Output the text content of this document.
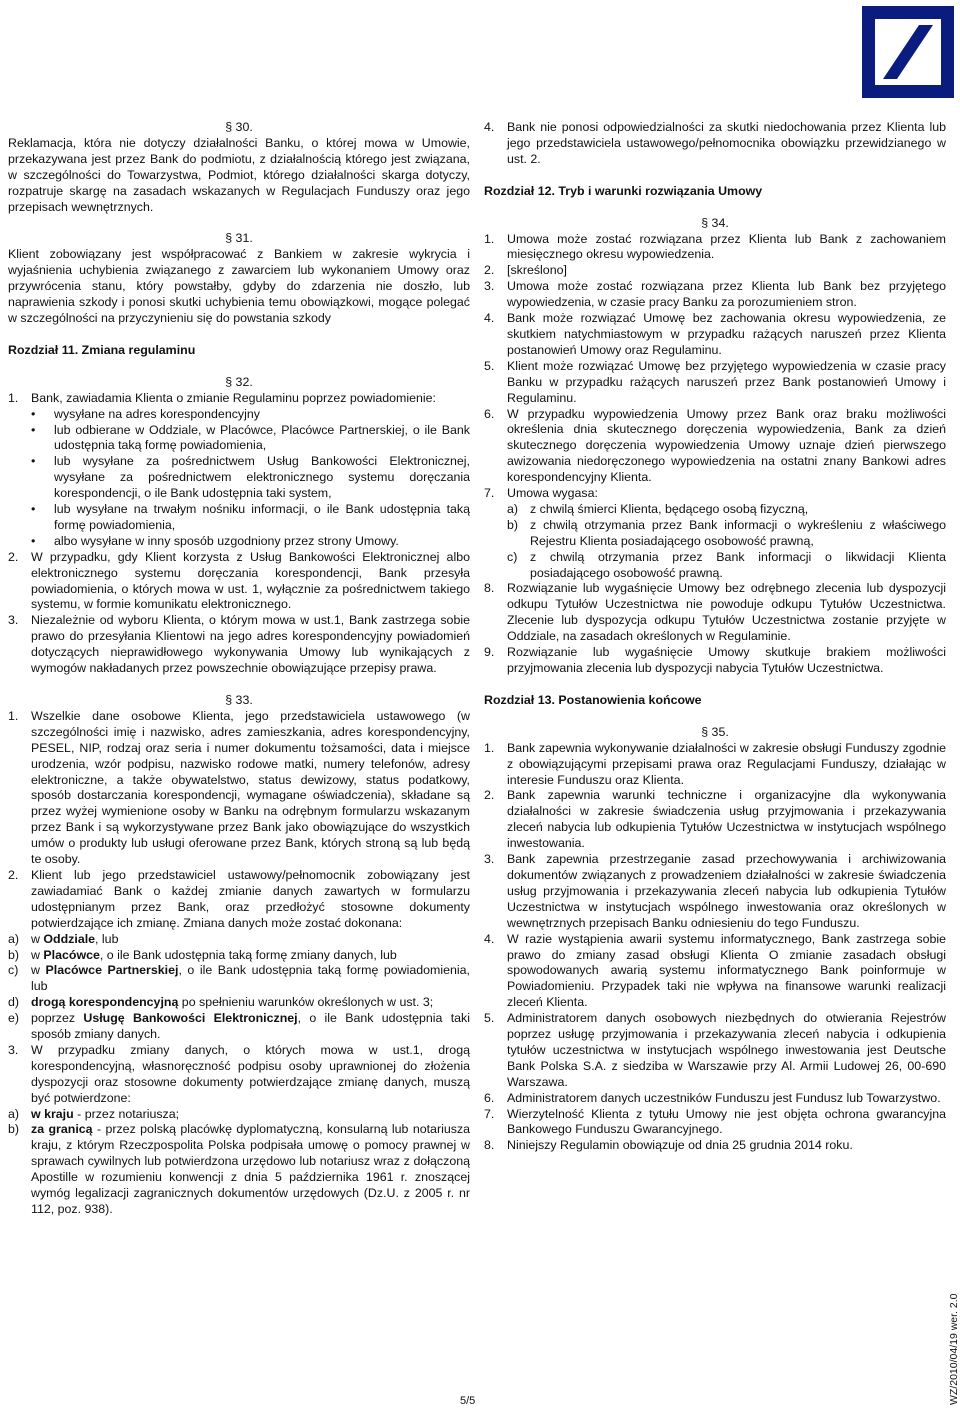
§ 30.

Reklamacja, która nie dotyczy działalności Banku, o której mowa w Umowie, przekazywana jest przez Bank do podmiotu, z działalnością którego jest związana, w szczególności do Towarzystwa, Podmiot, którego działalności skarga dotyczy, rozpatruje skargę na zasadach wskazanych w Regulacjach Funduszy oraz jego przepisach wewnętrznych.

§ 31.

Klient zobowiązany jest współpracować z Bankiem w zakresie wykrycia i wyjaśnienia uchybienia związanego z zawarciem lub wykonaniem Umowy oraz przywrócenia stanu, który powstałby, gdyby do zdarzenia nie doszło, lub naprawienia szkody i ponosi skutki uchybienia temu obowiązkowi, mogące polegać w szczególności na przyczynieniu się do powstania szkody

Rozdział 11. Zmiana regulaminu

§ 32.

1.	Bank, zawiadamia Klienta o zmianie Regulaminu poprzez powiadomienie:
•	wysyłane na adres korespondencyjny
•	lub odbierane w Oddziale, w Placówce, Placówce Partnerskiej, o ile Bank udostępnia taką formę powiadomienia,
•	lub wysyłane za pośrednictwem Usług Bankowości Elektronicznej, wysyłane za pośrednictwem elektronicznego systemu doręczania korespondencji, o ile Bank udostępnia taki system,
•	lub wysyłane na trwałym nośniku informacji, o ile Bank udostępnia taką formę powiadomienia,
•	albo wysyłane w inny sposób uzgodniony przez strony Umowy.
2.	W przypadku, gdy Klient korzysta z Usług Bankowości Elektronicznej albo elektronicznego systemu doręczania korespondencji, Bank przesyła powiadomienia, o których mowa w ust. 1, wyłącznie za pośrednictwem takiego systemu, w formie komunikatu elektronicznego.
3.	Niezależnie od wyboru Klienta, o którym mowa w ust.1, Bank zastrzega sobie prawo do przesyłania Klientowi na jego adres korespondencyjny powiadomień dotyczących nieprawidłowego wykonywania Umowy lub wynikających z wymogów nakładanych przez powszechnie obowiązujące przepisy prawa.

§ 33.

1.	Wszelkie dane osobowe Klienta, jego przedstawiciela ustawowego (w szczególności imię i nazwisko, adres zamieszkania, adres korespondencyjny, PESEL, NIP, rodzaj oraz seria i numer dokumentu tożsamości, data i miejsce urodzenia, wzór podpisu, nazwisko rodowe matki, numery telefonów, adresy elektroniczne, a także obywatelstwo, status dewizowy, status podatkowy, sposób dostarczania korespondencji, wymagane oświadczenia), składane są przez wyżej wymienione osoby w Banku na odrębnym formularzu wskazanym przez Bank i są wykorzystywane przez Bank jako obowiązujące do wszystkich umów o produkty lub usługi oferowane przez Bank, których stroną są lub będą te osoby.
2.	Klient lub jego przedstawiciel ustawowy/pełnomocnik zobowiązany jest zawiadamiać Bank o każdej zmianie danych zawartych w formularzu udostępnianym przez Bank, oraz przedłożyć stosowne dokumenty potwierdzające ich zmianę. Zmiana danych może zostać dokonana:
a) w Oddziale, lub
b) w Placówce, o ile Bank udostępnia taką formę zmiany danych, lub
c)	w Placówce Partnerskiej, o ile Bank udostępnia taką formę powiadomienia, lub
d) drogą korespondencyjną po spełnieniu warunków określonych w ust. 3;
e) poprzez Usługę Bankowości Elektronicznej, o ile Bank udostępnia taki sposób zmiany danych.
3.	W przypadku zmiany danych, o których mowa w ust.1, drogą korespondencyjną, własnoręczność podpisu osoby uprawnionej do złożenia dyspozycji oraz stosowne dokumenty potwierdzające zmianę danych, muszą być potwierdzone:
a) w kraju - przez notariusza;
b) za granicą - przez polską placówkę dyplomatyczną, konsularną lub notariusza kraju, z którym Rzeczpospolita Polska podpisała umowę o pomocy prawnej w sprawach cywilnych lub potwierdzona urzędowo lub notariusz wraz z dołączoną Apostille w rozumieniu konwencji z dnia 5 października 1961 r. znoszącej wymóg legalizacji zagranicznych dokumentów urzędowych (Dz.U. z 2005 r. nr 112, poz. 938).
4.	Bank nie ponosi odpowiedzialności za skutki niedochowania przez Klienta lub jego przedstawiciela ustawowego/pełnomocnika obowiązku przewidzianego w ust. 2.

Rozdział 12. Tryb i warunki rozwiązania Umowy

§ 34.

1.	Umowa może zostać rozwiązana przez Klienta lub Bank z zachowaniem miesięcznego okresu wypowiedzenia.
2.	[skreślono]
3.	Umowa może zostać rozwiązana przez Klienta lub Bank bez przyjętego wypowiedzenia, w czasie pracy Banku za porozumieniem stron.
4.	Bank może rozwiązać Umowę bez zachowania okresu wypowiedzenia, ze skutkiem natychmiastowym w przypadku rażących naruszeń przez Klienta postanowień Umowy oraz Regulaminu.
5.	Klient może rozwiązać Umowę bez przyjętego wypowiedzenia w czasie pracy Banku w przypadku rażących naruszeń przez Bank postanowień Umowy i Regulaminu.
6.	W przypadku wypowiedzenia Umowy przez Bank oraz braku możliwości określenia dnia skutecznego doręczenia wypowiedzenia, Bank za dzień skutecznego doręczenia wypowiedzenia Umowy uznaje dzień pierwszego awizowania niedoręczonego wypowiedzenia na ostatni znany Bankowi adres korespondencyjny Klienta.
7.	Umowa wygasa:
a) z chwilą śmierci Klienta, będącego osobą fizyczną,
b) z chwilą otrzymania przez Bank informacji o wykreśleniu z właściwego Rejestru Klienta posiadającego osobowość prawną,
c)	z chwilą otrzymania przez Bank informacji o likwidacji Klienta posiadającego osobowość prawną.
8.	Rozwiązanie lub wygaśnięcie Umowy bez odrębnego zlecenia lub dyspozycji odkupu Tytułów Uczestnictwa nie powoduje odkupu Tytułów Uczestnictwa. Zlecenie lub dyspozycja odkupu Tytułów Uczestnictwa zostanie przyjęte w Oddziale, na zasadach określonych w Regulaminie.
9.	Rozwiązanie lub wygaśnięcie Umowy skutkuje brakiem możliwości przyjmowania zlecenia lub dyspozycji nabycia Tytułów Uczestnictwa.

Rozdział 13. Postanowienia końcowe

§ 35.

1.	Bank zapewnia wykonywanie działalności w zakresie obsługi Funduszy zgodnie z obowiązującymi przepisami prawa oraz Regulacjami Funduszy, działając w interesie Funduszu oraz Klienta.
2.	Bank zapewnia warunki techniczne i organizacyjne dla wykonywania działalności w zakresie świadczenia usług przyjmowania i przekazywania zleceń nabycia lub odkupienia Tytułów Uczestnictwa w instytucjach wspólnego inwestowania.
3.	Bank zapewnia przestrzeganie zasad przechowywania i archiwizowania dokumentów związanych z prowadzeniem działalności w zakresie świadczenia usług przyjmowania i przekazywania zleceń nabycia lub odkupienia Tytułów Uczestnictwa w instytucjach wspólnego inwestowania oraz określonych w wewnętrznych przepisach Banku odniesieniu do tego Funduszu.
4.	W razie wystąpienia awarii systemu informatycznego, Bank zastrzega sobie prawo do zmiany zasad obsługi Klienta O zmianie zasadach obsługi spowodowanych awarią systemu informatycznego Bank poinformuje w Powiadomieniu. Przypadek taki nie wpływa na finansowe warunki realizacji zleceń Klienta.
5.	Administratorem danych osobowych niezbędnych do otwierania Rejestrów poprzez usługę przyjmowania i przekazywania zleceń nabycia i odkupienia tytułów uczestnictwa w instytucjach wspólnego inwestowania jest Deutsche Bank Polska S.A. z siedziba w Warszawie przy Al. Armii Ludowej 26, 00-690 Warszawa.
6.	Administratorem danych uczestników Funduszu jest Fundusz lub Towarzystwo.
7.	Wierzytelność Klienta z tytułu Umowy nie jest objęta ochrona gwarancyjna Bankowego Funduszu Gwarancyjnego.
8.	Niniejszy Regulamin obowiązuje od dnia 25 grudnia 2014 roku.
5/5	WZ/2010/04/19 wer. 2.0
